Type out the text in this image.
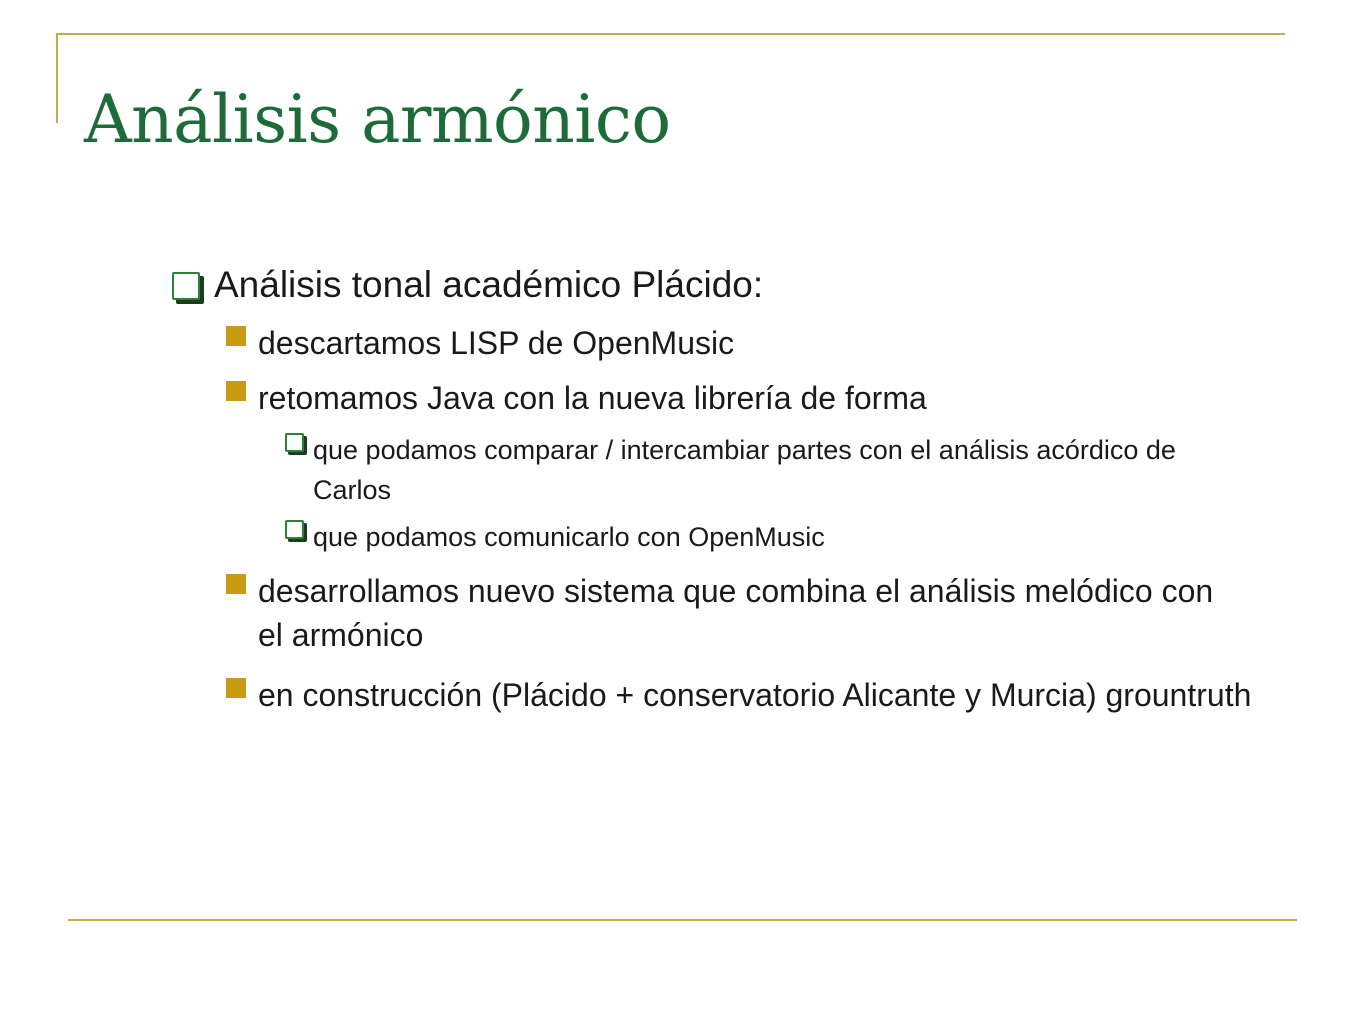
Análisis armónico
Análisis tonal académico Plácido:
descartamos LISP de OpenMusic
retomamos Java con la nueva librería de forma
que podamos comparar / intercambiar partes con el análisis acórdico de Carlos
que podamos comunicarlo con OpenMusic
desarrollamos nuevo sistema que combina el análisis melódico con el armónico
en construcción (Plácido + conservatorio Alicante y Murcia) grountruth
